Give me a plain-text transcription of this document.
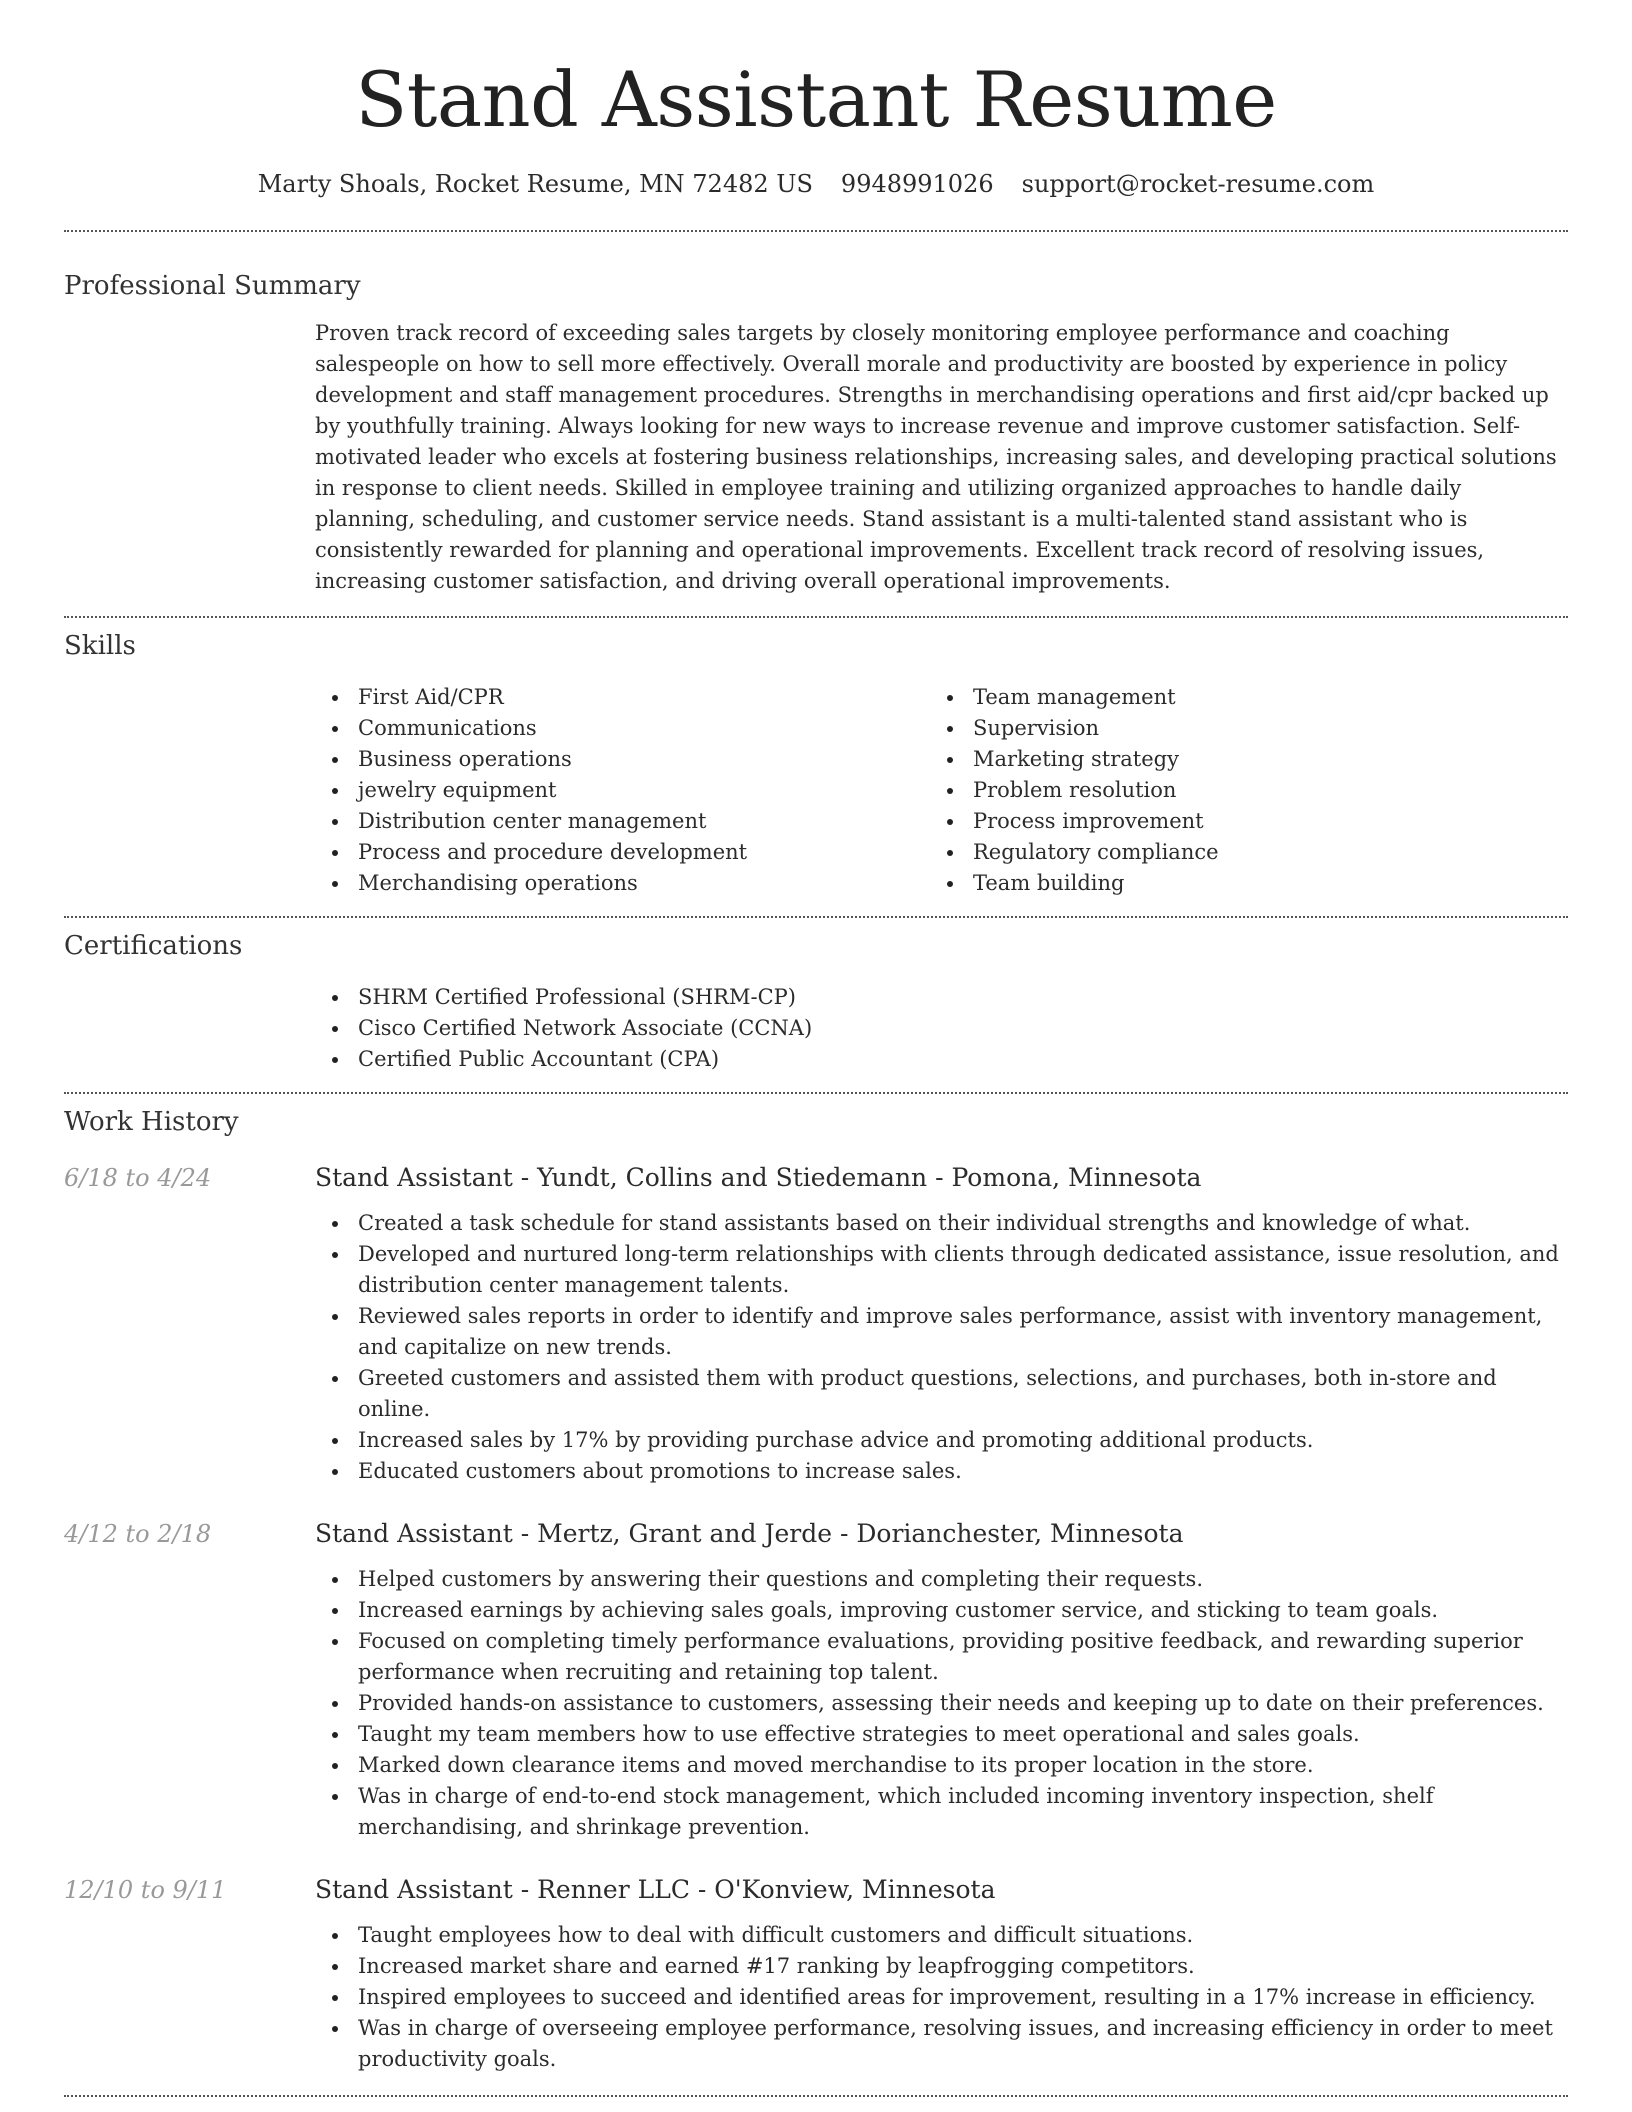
Stand Assistant Resume
Marty Shoals, Rocket Resume, MN 72482 US 9948991026 support@rocket-resume.com
Professional Summary

Proven track record of exceeding sales targets by closely monitoring employee performance and coaching salespeople on how to sell more effectively. Overall morale and productivity are boosted by experience in policy development and staff management procedures. Strengths in merchandising operations and first aid/cpr backed up by youthfully training. Always looking for new ways to increase revenue and improve customer satisfaction. Self-motivated leader who excels at fostering business relationships, increasing sales, and developing practical solutions in response to client needs. Skilled in employee training and utilizing organized approaches to handle daily planning, scheduling, and customer service needs. Stand assistant is a multi-talented stand assistant who is consistently rewarded for planning and operational improvements. Excellent track record of resolving issues, increasing customer satisfaction, and driving overall operational improvements.

Skills
First Aid/CPR
Communications
Business operations
jewelry equipment
Distribution center management
Process and procedure development
Merchandising operations
Team management
Supervision
Marketing strategy
Problem resolution
Process improvement
Regulatory compliance
Team building
Certifications
SHRM Certified Professional (SHRM-CP)
Cisco Certified Network Associate (CCNA)
Certified Public Accountant (CPA)
Work History
6/18 to 4/24	Stand Assistant - Yundt, Collins and Stiedemann - Pomona, Minnesota
Created a task schedule for stand assistants based on their individual strengths and knowledge of what.
Developed and nurtured long-term relationships with clients through dedicated assistance, issue resolution, and distribution center management talents.
Reviewed sales reports in order to identify and improve sales performance, assist with inventory management, and capitalize on new trends.
Greeted customers and assisted them with product questions, selections, and purchases, both in-store and online.
Increased sales by 17% by providing purchase advice and promoting additional products.
Educated customers about promotions to increase sales.
4/12 to 2/18	Stand Assistant - Mertz, Grant and Jerde - Dorianchester, Minnesota
Helped customers by answering their questions and completing their requests.
Increased earnings by achieving sales goals, improving customer service, and sticking to team goals.
Focused on completing timely performance evaluations, providing positive feedback, and rewarding superior performance when recruiting and retaining top talent.
Provided hands-on assistance to customers, assessing their needs and keeping up to date on their preferences.
Taught my team members how to use effective strategies to meet operational and sales goals.
Marked down clearance items and moved merchandise to its proper location in the store.
Was in charge of end-to-end stock management, which included incoming inventory inspection, shelf merchandising, and shrinkage prevention.
12/10 to 9/11	Stand Assistant - Renner LLC - O'Konview, Minnesota
Taught employees how to deal with difficult customers and difficult situations.
Increased market share and earned #17 ranking by leapfrogging competitors.
Inspired employees to succeed and identified areas for improvement, resulting in a 17% increase in efficiency.
Was in charge of overseeing employee performance, resolving issues, and increasing efficiency in order to meet productivity goals.
